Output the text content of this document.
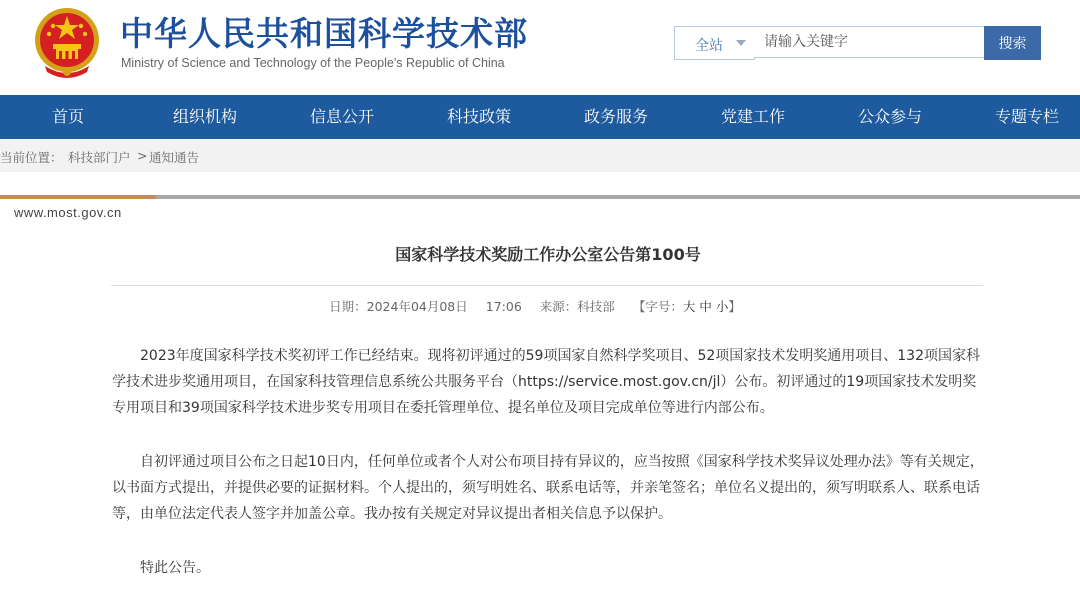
中华人民共和国科学技术部
Ministry of Science and Technology of the People's Republic of China
全站
请输入关键字	搜索
首页	组织机构	信息公开	科技政策	政务服务	党建工作	公众参与	专题专栏
当前位置： 科技部门户 > 通知通告
www.most.gov.cn
国家科学技术奖励工作办公室公告第100号
日期：2024年04月08日 17:06 来源：科技部 【字号：大 中 小】

2023年度国家科学技术奖初评工作已经结束。现将初评通过的59项国家自然科学奖项目、52项国家技术发明奖通用项目、132项国家科学技术进步奖通用项目，在国家科技管理信息系统公共服务平台（https://service.most.gov.cn/jl）公布。初评通过的19项国家技术发明奖专用项目和39项国家科学技术进步奖专用项目在委托管理单位、提名单位及项目完成单位等进行内部公布。

自初评通过项目公布之日起10日内，任何单位或者个人对公布项目持有异议的，应当按照《国家科学技术奖异议处理办法》等有关规定，以书面方式提出，并提供必要的证据材料。个人提出的，须写明姓名、联系电话等，并亲笔签名；单位名义提出的，须写明联系人、联系电话等，由单位法定代表人签字并加盖公章。我办按有关规定对异议提出者相关信息予以保护。

特此公告。
